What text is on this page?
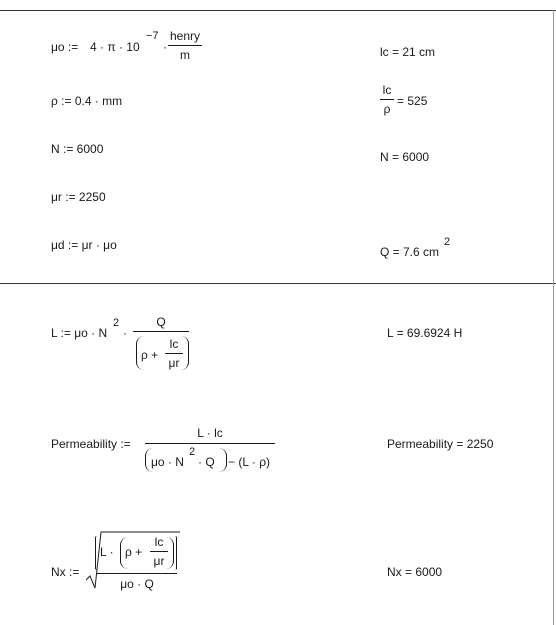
μo := 4 · π · 10
−7
·
henry
m
ρ := 0.4 · mm
N := 6000
μr := 2250
μd := μr · μo
lc = 21 cm
lc
ρ
= 525
N = 6000
Q = 7.6 cm
2
L := μo · N
2
·
Q
ρ +
lc
μr
L = 69.6924 H
Permeability :=
L · lc
μo · N
2
· Q − (L · ρ)
Permeability = 2250
Nx :=
L · ρ +
lc
μr
μo · Q
Nx = 6000
